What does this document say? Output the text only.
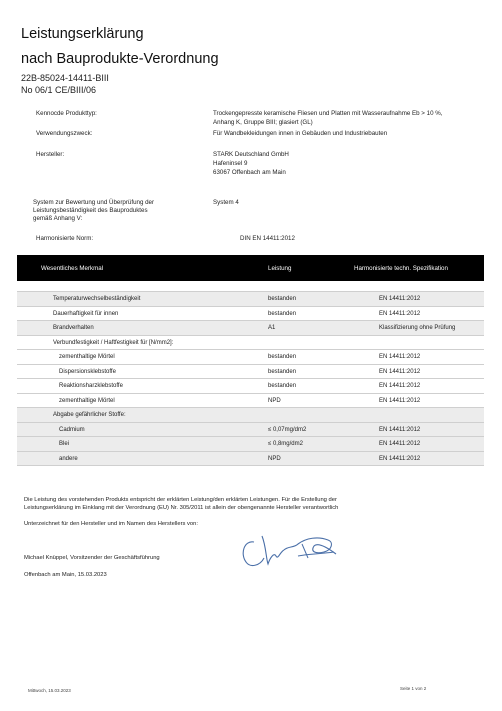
Leistungserklärung
nach Bauprodukte-Verordnung
22B-85024-14411-BIII
No 06/1 CE/BIII/06
Kennocde Produkttyp:	Trockengepresste keramische Fliesen und Platten mit Wasseraufnahme Eb > 10 %, Anhang K, Gruppe BIII; glasiert (GL)
Verwendungszweck:	Für Wandbekleidungen innen in Gebäuden und Industriebauten
Hersteller:	STARK Deutschland GmbH
Hafeninsel 9
63067 Offenbach am Main
System zur Bewertung und Überprüfung der
Leistungsbeständigkeit des Bauproduktes
gemäß Anhang V:
System 4
Harmonisierte Norm:	DIN EN 14411:2012
Wesentliches Merkmal	Leistung	Harmonisierte techn. Spezifikation
Temperaturwechselbeständigkeit	bestanden	EN 14411:2012
Dauerhaftigkeit für innen	bestanden	EN 14411:2012
Brandverhalten	A1	Klassifizierung ohne Prüfung
Verbundfestigkeit / Haftfestigkeit für [N/mm2]:
zementhaltige Mörtel	bestanden	EN 14411:2012
Dispersionsklebstoffe	bestanden	EN 14411:2012
Reaktionsharzklebstoffe	bestanden	EN 14411:2012
zementhaltige Mörtel	NPD	EN 14411:2012
Abgabe gefährlicher Stoffe:
Cadmium	≤ 0,07mg/dm2	EN 14411:2012
Blei	≤ 0,8mg/dm2	EN 14411:2012
andere	NPD	EN 14411:2012
Die Leistung des vorstehenden Produkts entspricht der erklärten Leistung/den erklärten Leistungen. Für die Erstellung der
Leistungserklärung im Einklang mit der Verordnung (EU) Nr. 305/2011 ist allein der obengenannte Hersteller verantwortlich
Unterzeichnet für den Hersteller und im Namen des Herstellers von:
Michael Knüppel, Vorsitzender der Geschäftsführung
Offenbach am Main, 15.03.2023
Mittwoch, 15.03.2023	Seite 1 von 2
